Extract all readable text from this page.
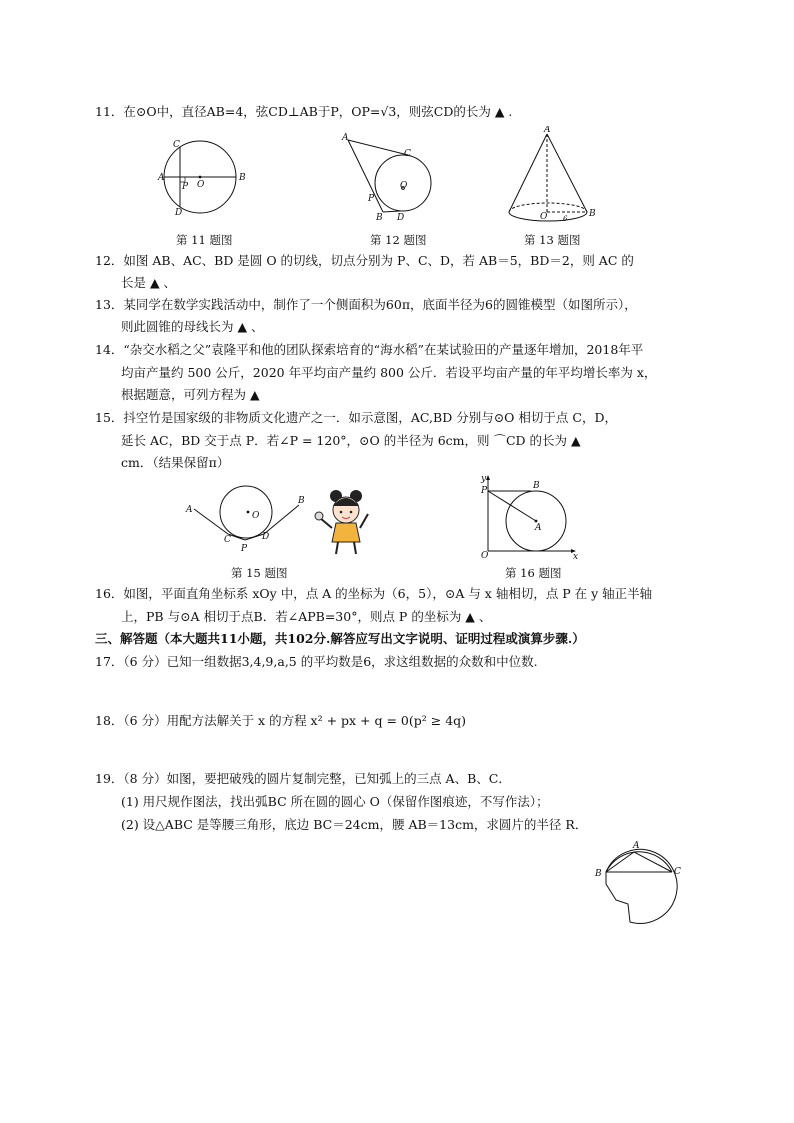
11．在⊙O中，直径AB=4，弦CD⊥AB于P，OP=√3，则弦CD的长为 ▲ .
A	B
C
D
P O
第 11 题图
A
C
O
P
B D
第 12 题图
A
O	B
6
第 13 题图
12．如图 AB、AC、BD 是圆 O 的切线，切点分别为 P、C、D，若 AB＝5，BD＝2，则 AC 的
长是 ▲ 、
13．某同学在数学实践活动中，制作了一个侧面积为60π，底面半径为6的圆锥模型（如图所示），
则此圆锥的母线长为 ▲ 、
14．“杂交水稻之父”袁隆平和他的团队探索培育的“海水稻”在某试验田的产量逐年增加，2018年平
均亩产量约 500 公斤，2020 年平均亩产量约 800 公斤．若设平均亩产量的年平均增长率为 x，
根据题意，可列方程为 ▲
15．抖空竹是国家级的非物质文化遗产之一．如示意图，AC,BD 分别与⊙O 相切于点 C，D，
延长 AC，BD 交于点 P．若∠P = 120°，⊙O 的半径为 6cm，则 ⌒CD 的长为 ▲
cm．（结果保留π）
A
B
O
C	D
P
第 15 题图
y
P	B
A
O	x
第 16 题图
16．如图，平面直角坐标系 xOy 中，点 A 的坐标为（6，5），⊙A 与 x 轴相切，点 P 在 y 轴正半轴
上，PB 与⊙A 相切于点B．若∠APB=30°，则点 P 的坐标为 ▲ 、
三、解答题（本大题共11小题，共102分.解答应写出文字说明、证明过程或演算步骤.）
17．（6 分）已知一组数据3,4,9,a,5 的平均数是6，求这组数据的众数和中位数.
18．（6 分）用配方法解关于 x 的方程 x² + px + q = 0(p² ≥ 4q)
19．（8 分）如图，要把破残的圆片复制完整，已知弧上的三点 A、B、C．
(1) 用尺规作图法，找出弧BC 所在圆的圆心 O（保留作图痕迹，不写作法）；
(2) 设△ABC 是等腰三角形，底边 BC＝24cm，腰 AB＝13cm，求圆片的半径 R．
A
B	C
